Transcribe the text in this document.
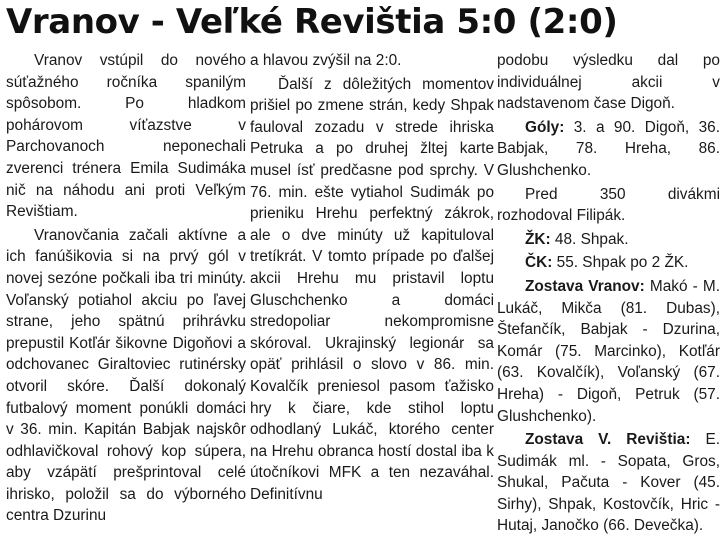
Vranov - Veľké Revištia 5:0 (2:0)

Vranov vstúpil do nového súťažného ročníka spanilým spôsobom. Po hladkom pohárovom víťazstve v Parchovanoch neponechali zverenci trénera Emila Sudimáka nič na náhodu ani proti Veľkým Revištiam.

Vranovčania začali aktívne a ich fanúšikovia si na prvý gól v novej sezóne počkali iba tri minúty. Voľanský potiahol akciu po ľavej strane, jeho spätnú prihrávku prepustil Kotľár šikovne Digoňovi a odchovanec Giraltoviec rutinérsky otvoril skóre. Ďalší dokonalý futbalový moment ponúkli domáci v 36. min. Kapitán Babjak najskôr odhlavičkoval rohový kop súpera, aby vzápätí prešprintoval celé ihrisko, položil sa do výborného centra Dzurinu

a hlavou zvýšil na 2:0.

Ďalší z dôležitých momentov prišiel po zmene strán, kedy Shpak fauloval zozadu v strede ihriska Petruka a po druhej žltej karte musel ísť predčasne pod sprchy. V 76. min. ešte vytiahol Sudimák po prieniku Hrehu perfektný zákrok, ale o dve minúty už kapituloval tretíkrát. V tomto prípade po ďalšej akcii Hrehu mu pristavil loptu Gluschchenko a domáci stredopoliar nekompromisne skóroval. Ukrajinský legionár sa opäť prihlásil o slovo v 86. min. Kovalčík preniesol pasom ťažisko hry k čiare, kde stihol loptu odhodlaný Lukáč, ktorého center na Hrehu obranca hostí dostal iba k útočníkovi MFK a ten nezaváhal. Definitívnu

podobu výsledku dal po individuálnej akcii v nadstavenom čase Digoň.

Góly: 3. a 90. Digoň, 36. Babjak, 78. Hreha, 86. Glushchenko.

Pred 350 divákmi rozhodoval Filipák.

ŽK: 48. Shpak.

ČK: 55. Shpak po 2 ŽK.

Zostava Vranov: Makó - M. Lukáč, Mikča (81. Dubas), Štefančík, Babjak - Dzurina, Komár (75. Marcinko), Kotľár (63. Kovalčík), Voľanský (67. Hreha) - Digoň, Petruk (57. Glushchenko).

Zostava V. Revištia: E. Sudimák ml. - Sopata, Gros, Shukal, Pačuta - Kover (45. Sirhy), Shpak, Kostovčík, Hric - Hutaj, Janočko (66. Devečka).
